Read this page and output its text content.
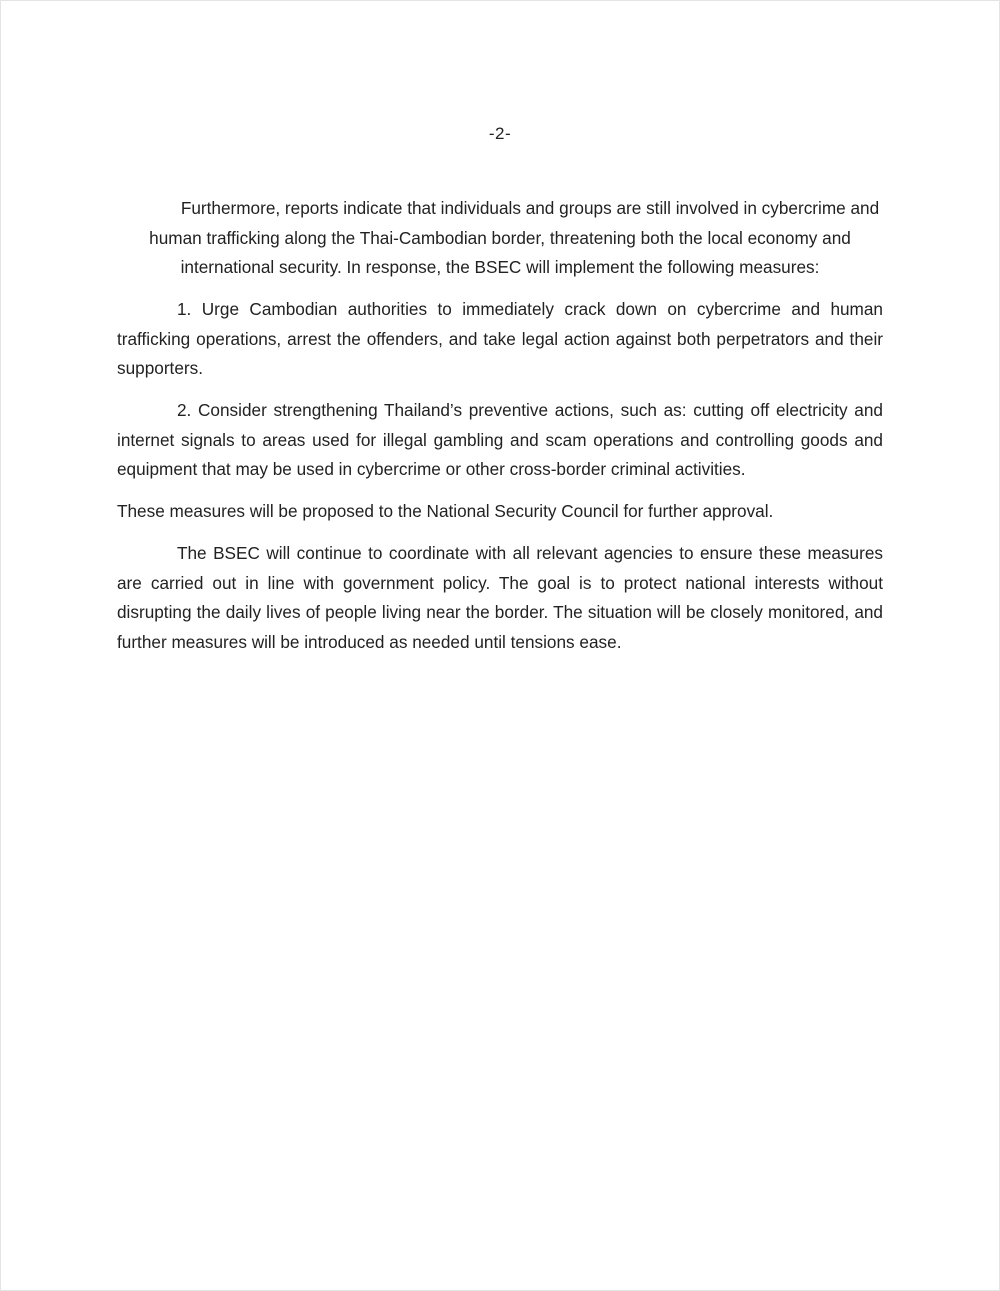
-2-

Furthermore, reports indicate that individuals and groups are still involved in cybercrime and human trafficking along the Thai-Cambodian border, threatening both the local economy and international security. In response, the BSEC will implement the following measures:

1. Urge Cambodian authorities to immediately crack down on cybercrime and human trafficking operations, arrest the offenders, and take legal action against both perpetrators and their supporters.

2. Consider strengthening Thailand’s preventive actions, such as: cutting off electricity and internet signals to areas used for illegal gambling and scam operations and controlling goods and equipment that may be used in cybercrime or other cross-border criminal activities.

These measures will be proposed to the National Security Council for further approval.

The BSEC will continue to coordinate with all relevant agencies to ensure these measures are carried out in line with government policy. The goal is to protect national interests without disrupting the daily lives of people living near the border. The situation will be closely monitored, and further measures will be introduced as needed until tensions ease.
